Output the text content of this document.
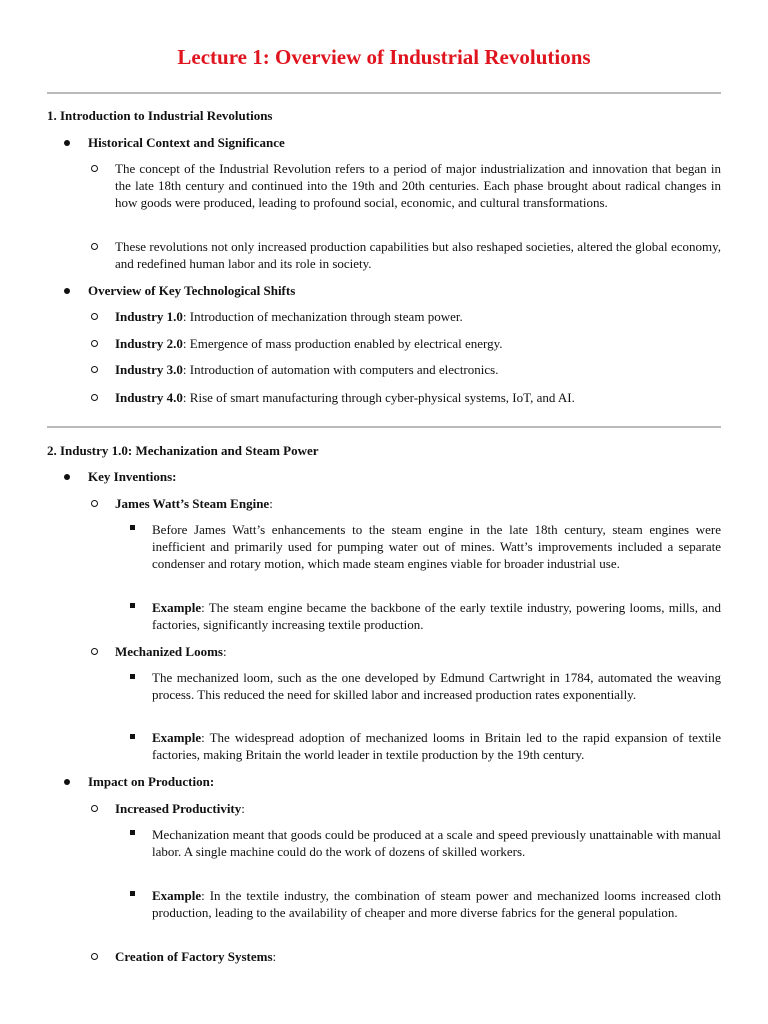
Lecture 1: Overview of Industrial Revolutions
1. Introduction to Industrial Revolutions
Historical Context and Significance
The concept of the Industrial Revolution refers to a period of major industrialization and innovation that began in the late 18th century and continued into the 19th and 20th centuries. Each phase brought about radical changes in how goods were produced, leading to profound social, economic, and cultural transformations.
These revolutions not only increased production capabilities but also reshaped societies, altered the global economy, and redefined human labor and its role in society.
Overview of Key Technological Shifts
Industry 1.0: Introduction of mechanization through steam power.
Industry 2.0: Emergence of mass production enabled by electrical energy.
Industry 3.0: Introduction of automation with computers and electronics.
Industry 4.0: Rise of smart manufacturing through cyber-physical systems, IoT, and AI.
2. Industry 1.0: Mechanization and Steam Power
Key Inventions:
James Watt’s Steam Engine:
Before James Watt’s enhancements to the steam engine in the late 18th century, steam engines were inefficient and primarily used for pumping water out of mines. Watt’s improvements included a separate condenser and rotary motion, which made steam engines viable for broader industrial use.
Example: The steam engine became the backbone of the early textile industry, powering looms, mills, and factories, significantly increasing textile production.
Mechanized Looms:
The mechanized loom, such as the one developed by Edmund Cartwright in 1784, automated the weaving process. This reduced the need for skilled labor and increased production rates exponentially.
Example: The widespread adoption of mechanized looms in Britain led to the rapid expansion of textile factories, making Britain the world leader in textile production by the 19th century.
Impact on Production:
Increased Productivity:
Mechanization meant that goods could be produced at a scale and speed previously unattainable with manual labor. A single machine could do the work of dozens of skilled workers.
Example: In the textile industry, the combination of steam power and mechanized looms increased cloth production, leading to the availability of cheaper and more diverse fabrics for the general population.
Creation of Factory Systems:
